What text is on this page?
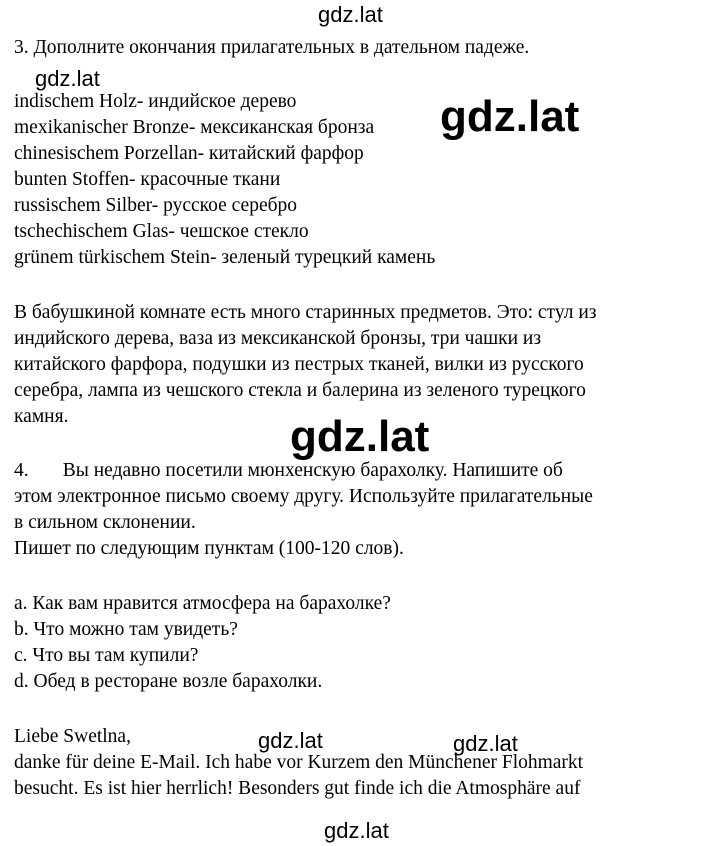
gdz.lat
gdz.lat
gdz.lat
gdz.lat
gdz.lat	gdz.lat
gdz.lat
3. Дополните окончания прилагательных в дательном падеже.
indischem Holz- индийское дерево
mexikanischer Bronze- мексиканская бронза
chinesischem Porzellan- китайский фарфор
bunten Stoffen- красочные ткани
russischem Silber- русское серебро
tschechischem Glas- чешское стекло
grünem türkischem Stein- зеленый турецкий камень
В бабушкиной комнате есть много старинных предметов. Это: стул из
индийского дерева, ваза из мексиканской бронзы, три чашки из
китайского фарфора, подушки из пестрых тканей, вилки из русского
серебра, лампа из чешского стекла и балерина из зеленого турецкого
камня.
4.       Вы недавно посетили мюнхенскую барахолку. Напишите об
этом электронное письмо своему другу. Используйте прилагательные
в сильном склонении.
Пишет по следующим пунктам (100-120 слов).
a. Как вам нравится атмосфера на барахолке?
b. Что можно там увидеть?
c. Что вы там купили?
d. Обед в ресторане возле барахолки.
Liebe Swetlna,
danke für deine E-Mail. Ich habe vor Kurzem den Münchener Flohmarkt
besucht. Es ist hier herrlich! Besonders gut finde ich die Atmosphäre auf
